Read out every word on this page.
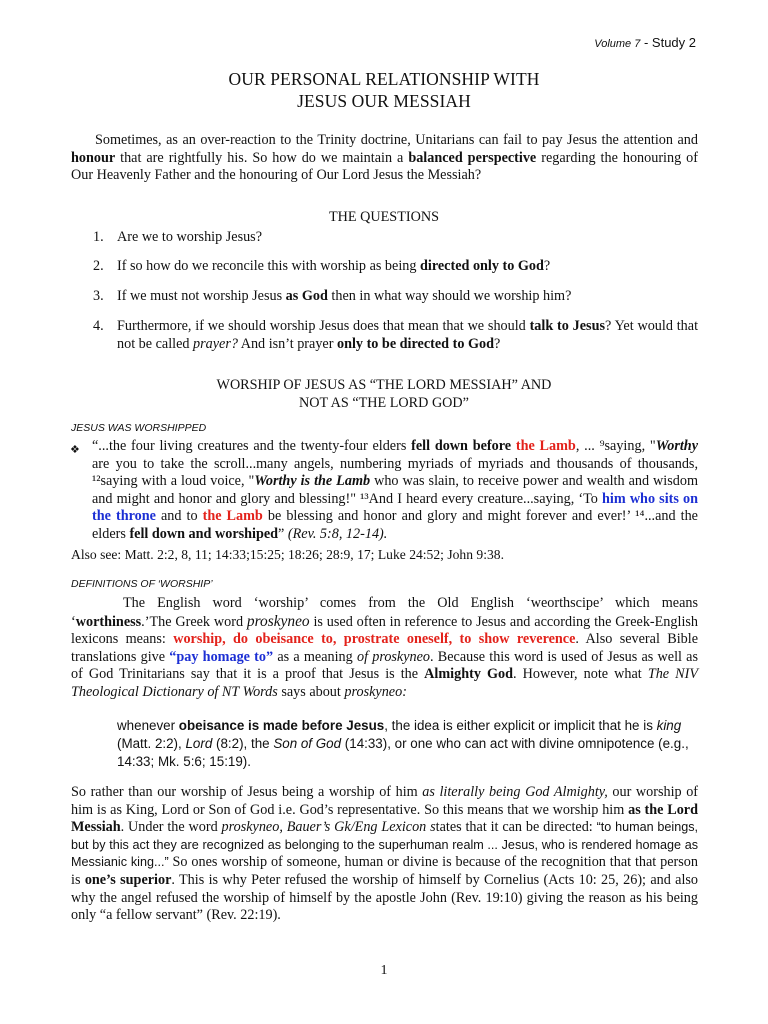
Volume 7 - Study 2
OUR PERSONAL RELATIONSHIP WITH
JESUS OUR MESSIAH
Sometimes, as an over-reaction to the Trinity doctrine, Unitarians can fail to pay Jesus the attention and honour that are rightfully his. So how do we maintain a balanced perspective regarding the honouring of Our Heavenly Father and the honouring of Our Lord Jesus the Messiah?
THE QUESTIONS
1. Are we to worship Jesus?
2. If so how do we reconcile this with worship as being directed only to God?
3. If we must not worship Jesus as God then in what way should we worship him?
4. Furthermore, if we should worship Jesus does that mean that we should talk to Jesus? Yet would that not be called prayer? And isn’t prayer only to be directed to God?
WORSHIP OF JESUS AS “THE LORD MESSIAH” AND
NOT AS “THE LORD GOD”
JESUS WAS WORSHIPPED
❖ “...the four living creatures and the twenty-four elders fell down before the Lamb, ... ⁹saying, "Worthy are you to take the scroll...many angels, numbering myriads of myriads and thousands of thousands, ¹²saying with a loud voice, "Worthy is the Lamb who was slain, to receive power and wealth and wisdom and might and honor and glory and blessing!" ¹³And I heard every creature...saying, ‘To him who sits on the throne and to the Lamb be blessing and honor and glory and might forever and ever!’ ¹⁴...and the elders fell down and worshiped” (Rev. 5:8, 12-14).
Also see: Matt. 2:2, 8, 11; 14:33;15:25; 18:26; 28:9, 17; Luke 24:52; John 9:38.
DEFINITIONS OF ‘WORSHIP’
The English word ‘worship’ comes from the Old English ‘weorthscipe’ which means ‘worthiness.’The Greek word proskyneo is used often in reference to Jesus and according the Greek-English lexicons means: worship, do obeisance to, prostrate oneself, to show reverence. Also several Bible translations give “pay homage to” as a meaning of proskyneo. Because this word is used of Jesus as well as of God Trinitarians say that it is a proof that Jesus is the Almighty God. However, note what The NIV Theological Dictionary of NT Words says about proskyneo:
whenever obeisance is made before Jesus, the idea is either explicit or implicit that he is king (Matt. 2:2), Lord (8:2), the Son of God (14:33), or one who can act with divine omnipotence (e.g., 14:33; Mk. 5:6; 15:19).
So rather than our worship of Jesus being a worship of him as literally being God Almighty, our worship of him is as King, Lord or Son of God i.e. God’s representative. So this means that we worship him as the Lord Messiah. Under the word proskyneo, Bauer’s Gk/Eng Lexicon states that it can be directed: “to human beings, but by this act they are recognized as belonging to the superhuman realm ... Jesus, who is rendered homage as Messianic king...” So ones worship of someone, human or divine is because of the recognition that that person is one’s superior. This is why Peter refused the worship of himself by Cornelius (Acts 10: 25, 26); and also why the angel refused the worship of himself by the apostle John (Rev. 19:10) giving the reason as his being only “a fellow servant” (Rev. 22:19).
1
